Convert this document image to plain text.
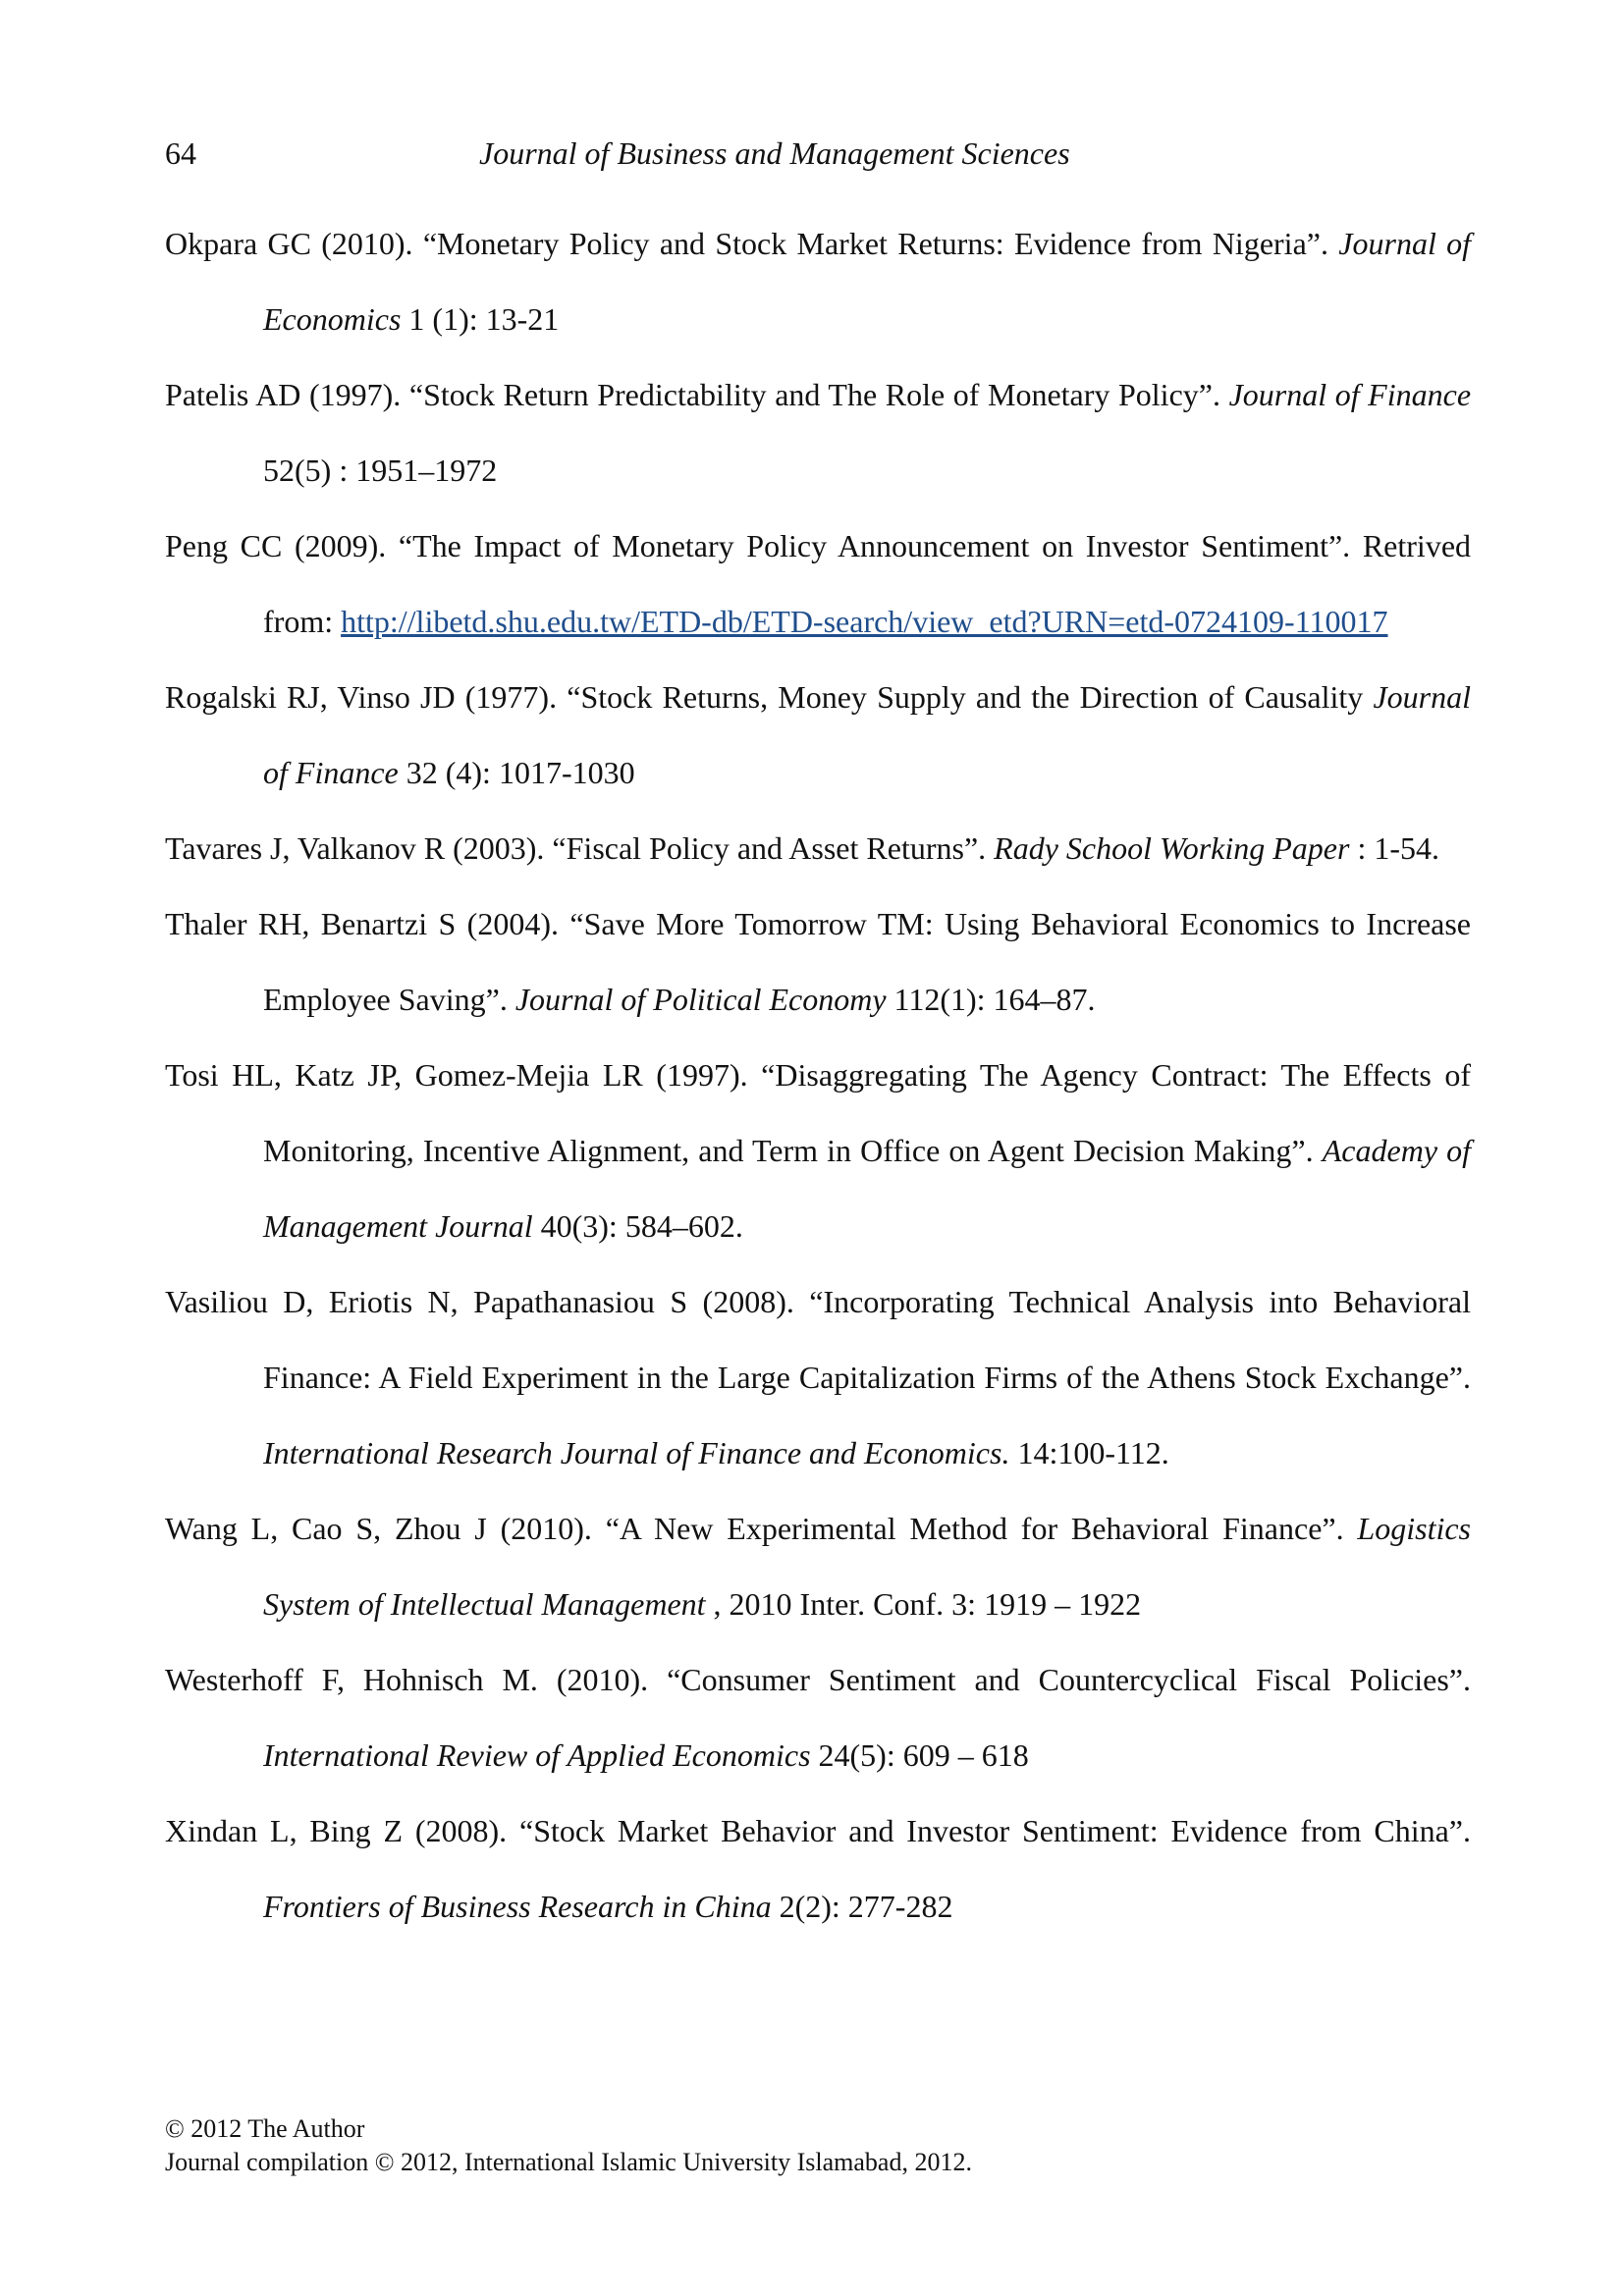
64	Journal of Business and Management Sciences

Okpara GC (2010). “Monetary Policy and Stock Market Returns: Evidence from Nigeria”. Journal of Economics 1 (1): 13-21

Patelis AD (1997). “Stock Return Predictability and The Role of Monetary Policy”. Journal of Finance 52(5) : 1951–1972

Peng CC (2009). “The Impact of Monetary Policy Announcement on Investor Sentiment”. Retrived from: http://libetd.shu.edu.tw/ETD-db/ETD-search/view_etd?URN=etd-0724109-110017

Rogalski RJ, Vinso JD (1977). “Stock Returns, Money Supply and the Direction of Causality Journal of Finance 32 (4): 1017-1030

Tavares J, Valkanov R (2003). “Fiscal Policy and Asset Returns”. Rady School Working Paper : 1-54.

Thaler RH, Benartzi S (2004). “Save More Tomorrow TM: Using Behavioral Economics to Increase Employee Saving”. Journal of Political Economy 112(1): 164–87.

Tosi HL, Katz JP, Gomez-Mejia LR (1997). “Disaggregating The Agency Contract: The Effects of Monitoring, Incentive Alignment, and Term in Office on Agent Decision Making”. Academy of Management Journal 40(3): 584–602.

Vasiliou D, Eriotis N, Papathanasiou S (2008). “Incorporating Technical Analysis into Behavioral Finance: A Field Experiment in the Large Capitalization Firms of the Athens Stock Exchange”. International Research Journal of Finance and Economics. 14:100-112.

Wang L, Cao S, Zhou J (2010). “A New Experimental Method for Behavioral Finance”. Logistics System of Intellectual Management , 2010 Inter. Conf. 3: 1919 – 1922

Westerhoff F, Hohnisch M. (2010). “Consumer Sentiment and Countercyclical Fiscal Policies”. International Review of Applied Economics 24(5): 609 – 618

Xindan L, Bing Z (2008). “Stock Market Behavior and Investor Sentiment: Evidence from China”. Frontiers of Business Research in China 2(2): 277-282

© 2012 The Author
Journal compilation © 2012, International Islamic University Islamabad, 2012.
